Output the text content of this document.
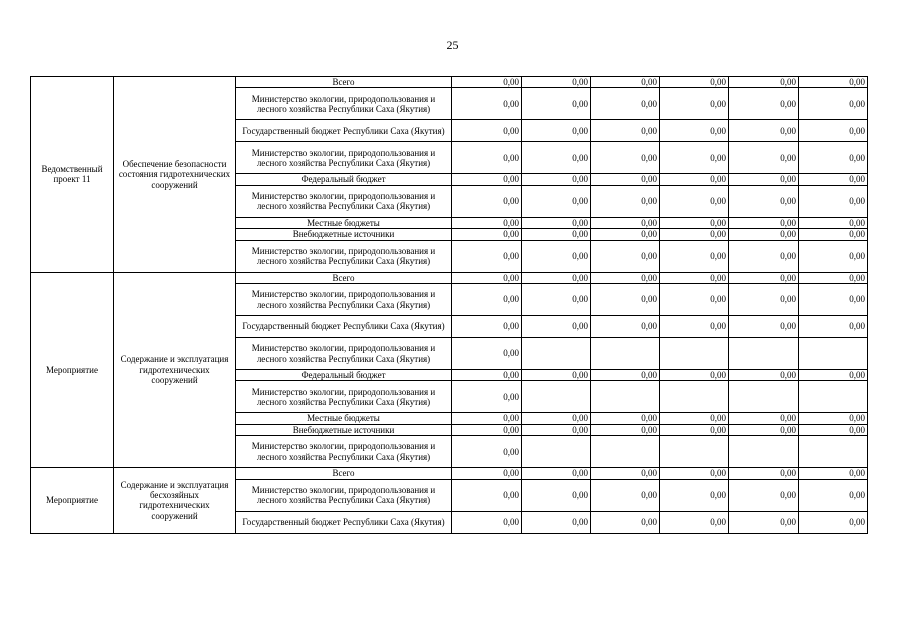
25
Ведомственный проект 11	Обеспечение безопасности состояния гидротехнических сооружений	Всего	0,00	0,00	0,00	0,00	0,00	0,00
		Министерство экологии, природопользования и лесного хозяйства Республики Саха (Якутия)	0,00	0,00	0,00	0,00	0,00	0,00
		Государственный бюджет Республики Саха (Якутия)	0,00	0,00	0,00	0,00	0,00	0,00
		Министерство экологии, природопользования и лесного хозяйства Республики Саха (Якутия)	0,00	0,00	0,00	0,00	0,00	0,00
		Федеральный бюджет	0,00	0,00	0,00	0,00	0,00	0,00
		Министерство экологии, природопользования и лесного хозяйства Республики Саха (Якутия)	0,00	0,00	0,00	0,00	0,00	0,00
		Местные бюджеты	0,00	0,00	0,00	0,00	0,00	0,00
		Внебюджетные источники	0,00	0,00	0,00	0,00	0,00	0,00
		Министерство экологии, природопользования и лесного хозяйства Республики Саха (Якутия)	0,00	0,00	0,00	0,00	0,00	0,00
Мероприятие	Содержание и эксплуатация гидротехнических сооружений	Всего	0,00	0,00	0,00	0,00	0,00	0,00
		Министерство экологии, природопользования и лесного хозяйства Республики Саха (Якутия)	0,00	0,00	0,00	0,00	0,00	0,00
		Государственный бюджет Республики Саха (Якутия)	0,00	0,00	0,00	0,00	0,00	0,00
		Министерство экологии, природопользования и лесного хозяйства Республики Саха (Якутия)	0,00					
		Федеральный бюджет	0,00	0,00	0,00	0,00	0,00	0,00
		Министерство экологии, природопользования и лесного хозяйства Республики Саха (Якутия)	0,00					
		Местные бюджеты	0,00	0,00	0,00	0,00	0,00	0,00
		Внебюджетные источники	0,00	0,00	0,00	0,00	0,00	0,00
		Министерство экологии, природопользования и лесного хозяйства Республики Саха (Якутия)	0,00					
Мероприятие	Содержание и эксплуатация бесхозяйных гидротехнических сооружений	Всего	0,00	0,00	0,00	0,00	0,00	0,00
		Министерство экологии, природопользования и лесного хозяйства Республики Саха (Якутия)	0,00	0,00	0,00	0,00	0,00	0,00
		Государственный бюджет Республики Саха (Якутия)	0,00	0,00	0,00	0,00	0,00	0,00
